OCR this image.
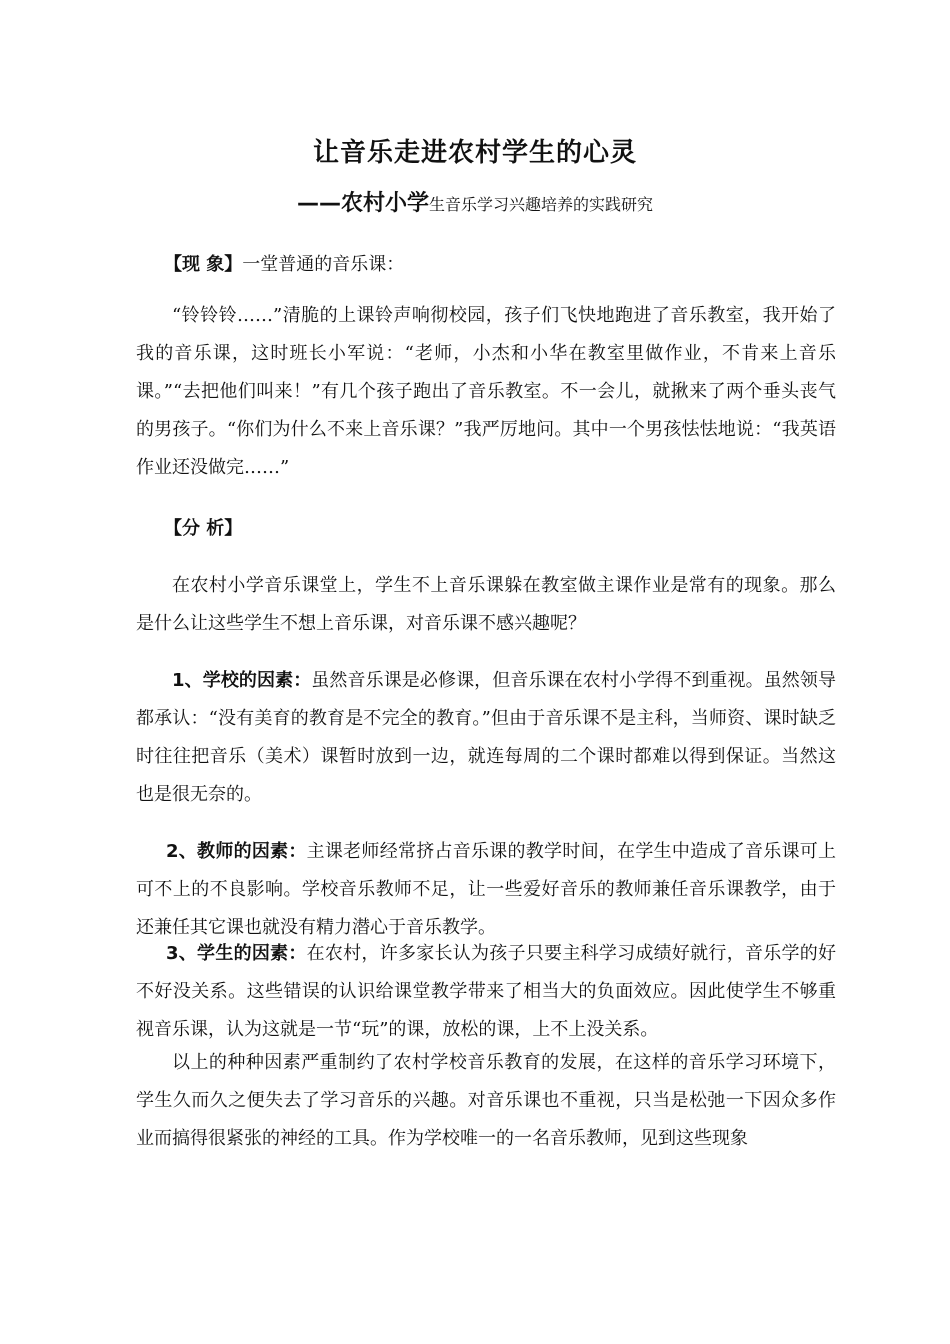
让音乐走进农村学生的心灵
——农村小学生音乐学习兴趣培养的实践研究
【现 象】一堂普通的音乐课：
“铃铃铃……”清脆的上课铃声响彻校园，孩子们飞快地跑进了音乐教室，我开始了我的音乐课，这时班长小军说：“老师，小杰和小华在教室里做作业，不肯来上音乐课。”“去把他们叫来！”有几个孩子跑出了音乐教室。不一会儿，就揪来了两个垂头丧气的男孩子。“你们为什么不来上音乐课？”我严厉地问。其中一个男孩怯怯地说：“我英语作业还没做完……”
【分 析】
在农村小学音乐课堂上，学生不上音乐课躲在教室做主课作业是常有的现象。那么是什么让这些学生不想上音乐课，对音乐课不感兴趣呢？
1、学校的因素：虽然音乐课是必修课，但音乐课在农村小学得不到重视。虽然领导都承认：“没有美育的教育是不完全的教育。”但由于音乐课不是主科，当师资、课时缺乏时往往把音乐（美术）课暂时放到一边，就连每周的二个课时都难以得到保证。当然这也是很无奈的。
2、教师的因素：主课老师经常挤占音乐课的教学时间，在学生中造成了音乐课可上可不上的不良影响。学校音乐教师不足，让一些爱好音乐的教师兼任音乐课教学，由于还兼任其它课也就没有精力潜心于音乐教学。
3、学生的因素：在农村，许多家长认为孩子只要主科学习成绩好就行，音乐学的好不好没关系。这些错误的认识给课堂教学带来了相当大的负面效应。因此使学生不够重视音乐课，认为这就是一节“玩”的课，放松的课，上不上没关系。
以上的种种因素严重制约了农村学校音乐教育的发展，在这样的音乐学习环境下，学生久而久之便失去了学习音乐的兴趣。对音乐课也不重视，只当是松弛一下因众多作业而搞得很紧张的神经的工具。作为学校唯一的一名音乐教师，见到这些现象
